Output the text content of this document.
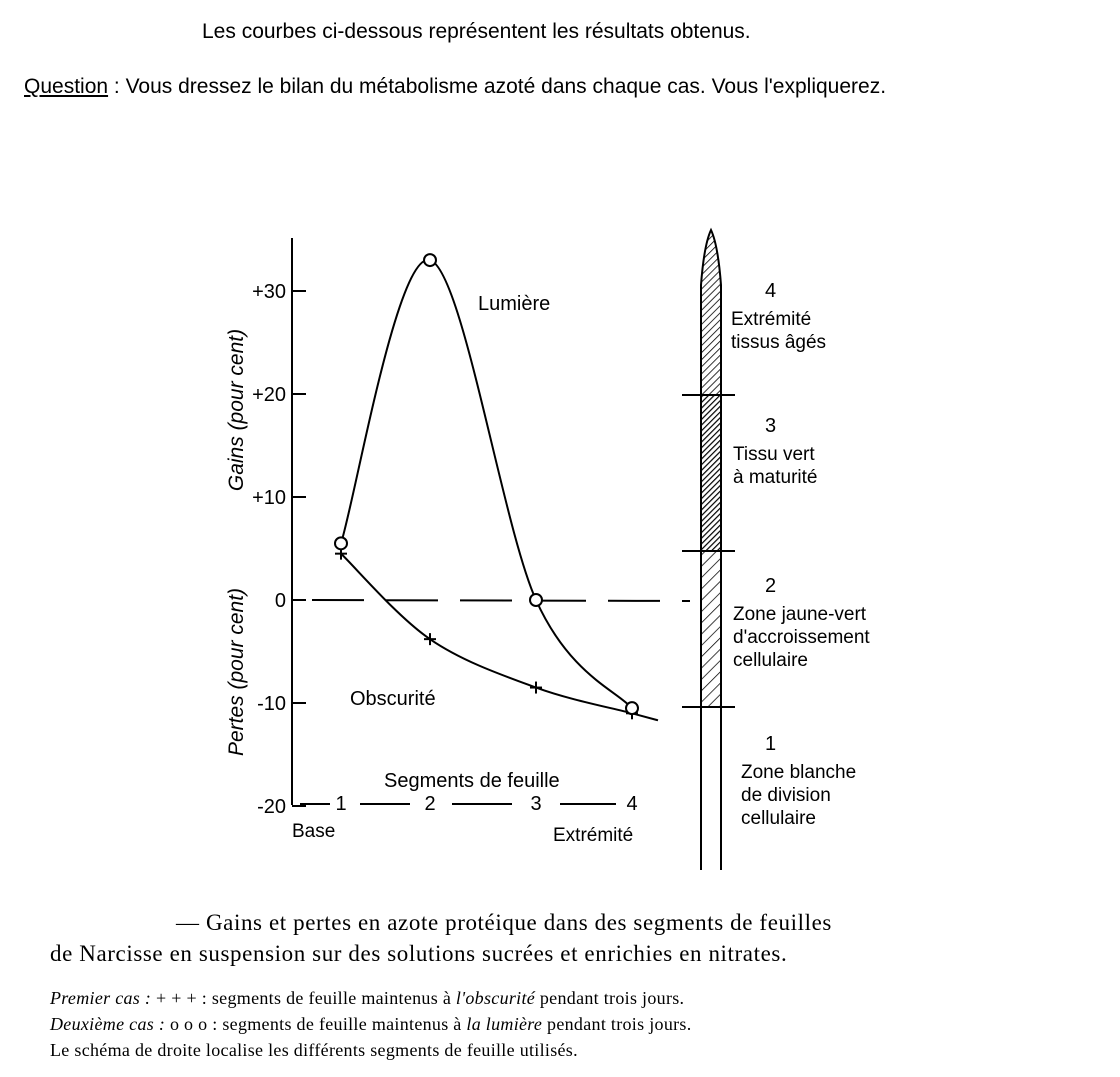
Les courbes ci-dessous représentent les résultats obtenus.
Question : Vous dressez le bilan du métabolisme azoté dans chaque cas. Vous l'expliquerez.
+30
+20
+10
0
-10
-20
Gains (pour cent)
Pertes (pour cent)
Lumière
Obscurité
Segments de feuille
1	2	3	4
Base	Extrémité
4
Extrémité
tissus âgés
3
Tissu vert
à maturité
2
Zone jaune-vert
d'accroissement
cellulaire
1
Zone blanche
de division
cellulaire
— Gains et pertes en azote protéique dans des segments de feuilles
de Narcisse en suspension sur des solutions sucrées et enrichies en nitrates.
Premier cas : + + + : segments de feuille maintenus à l'obscurité pendant trois jours.
Deuxième cas : o o o : segments de feuille maintenus à la lumière pendant trois jours.
Le schéma de droite localise les différents segments de feuille utilisés.
